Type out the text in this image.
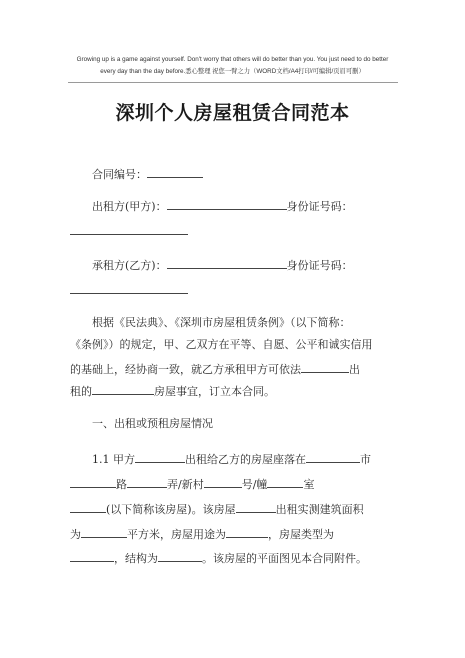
Growing up is a game against yourself. Don't worry that others will do better than you. You just need to do better
every day than the day before.悉心整理 祝您一臂之力（WORD文档/A4打印/可编辑/页眉可删）
深圳个人房屋租赁合同范本
合同编号：
出租方(甲方)：	身份证号码：
承租方(乙方)：	身份证号码：
根据《民法典》、《深圳市房屋租赁条例》（以下简称：
《条例》）的规定，甲、乙双方在平等、自愿、公平和诚实信用
的基础上，经协商一致，就乙方承租甲方可依法	出
租的	房屋事宜，订立本合同。
一、出租或预租房屋情况
1.1 甲方	出租给乙方的房屋座落在	市
路	弄/新村	号/幢	室
(以下简称该房屋)。该房屋	出租实测建筑面积
为	平方米，房屋用途为	，房屋类型为
，结构为	。该房屋的平面图见本合同附件。
